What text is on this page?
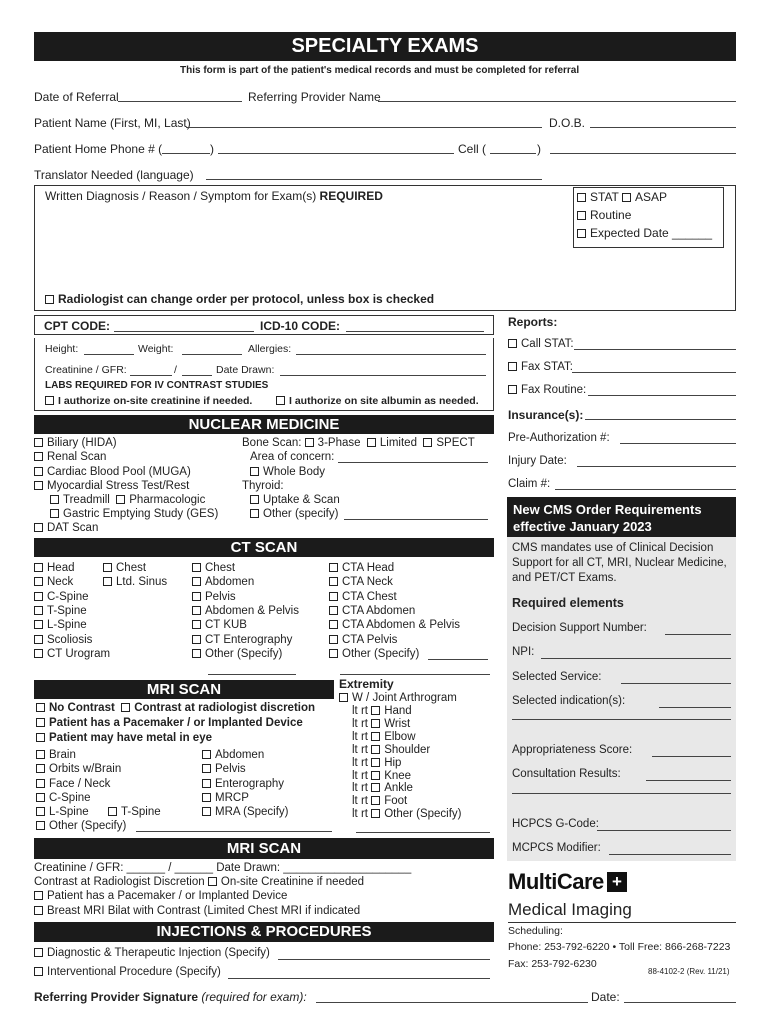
SPECIALTY EXAMS
This form is part of the patient's medical records and must be completed for referral
Date of Referral	Referring Provider Name
Patient Name (First, MI, Last)	D.O.B.
Patient Home Phone # (	)	Cell (	)
Translator Needed (language)
Written Diagnosis / Reason / Symptom for Exam(s) REQUIRED	STAT ASAP
Routine
Expected Date ______
Radiologist can change order per protocol, unless box is checked
CPT CODE:	ICD-10 CODE:
Height:	Weight:	Allergies:
Creatinine / GFR:	/	Date Drawn:
LABS REQUIRED FOR IV CONTRAST STUDIES
I authorize on-site creatinine if needed.	I authorize on site albumin as needed.
NUCLEAR MEDICINE
Biliary (HIDA)
Renal Scan
Cardiac Blood Pool (MUGA)
Myocardial Stress Test/Rest
Treadmill Pharmacologic
Gastric Emptying Study (GES)
DAT Scan
Bone Scan: 3-Phase Limited SPECT
Area of concern:
Whole Body
Thyroid:
Uptake & Scan
Other (specify)
CT SCAN
Head
Neck
C-Spine
T-Spine
L-Spine
Scoliosis
CT Urogram
Chest
Ltd. Sinus
Chest
Abdomen
Pelvis
Abdomen & Pelvis
CT KUB
CT Enterography
Other (Specify)
CTA Head
CTA Neck
CTA Chest
CTA Abdomen
CTA Abdomen & Pelvis
CTA Pelvis
Other (Specify)
MRI SCAN
No Contrast Contrast at radiologist discretion
Patient has a Pacemaker / or Implanted Device
Patient may have metal in eye
Brain
Orbits w/Brain
Face / Neck
C-Spine
L-Spine
Abdomen
Pelvis
Enterography
MRCP
MRA (Specify)
T-Spine
Other (Specify)
Extremity
W / Joint Arthrogram
lt rt Hand
lt rt Wrist
lt rt Elbow
lt rt Shoulder
lt rt Hip
lt rt Knee
lt rt Ankle
lt rt Foot
lt rt Other (Specify)
MRI SCAN
Creatinine / GFR: ______ / ______ Date Drawn: ____________________
Contrast at Radiologist Discretion On-site Creatinine if needed
Patient has a Pacemaker / or Implanted Device
Breast MRI Bilat with Contrast (Limited Chest MRI if indicated
INJECTIONS & PROCEDURES
Diagnostic & Therapeutic Injection (Specify)
Interventional Procedure (Specify)
Referring Provider Signature (required for exam):	Date:
Reports:
Call STAT:
Fax STAT:
Fax Routine:
Insurance(s):
Pre-Authorization #:
Injury Date:
Claim #:
New CMS Order Requirements
effective January 2023
CMS mandates use of Clinical Decision
Support for all CT, MRI, Nuclear Medicine,
and PET/CT Exams.
Required elements
Decision Support Number:
NPI:
Selected Service:
Selected indication(s):
Appropriateness Score:
Consultation Results:
HCPCS G-Code:
MCPCS Modifier:
MultiCare +
Medical Imaging
Scheduling:
Phone: 253-792-6220 • Toll Free: 866-268-7223
Fax: 253-792-6230
88-4102-2 (Rev. 11/21)
